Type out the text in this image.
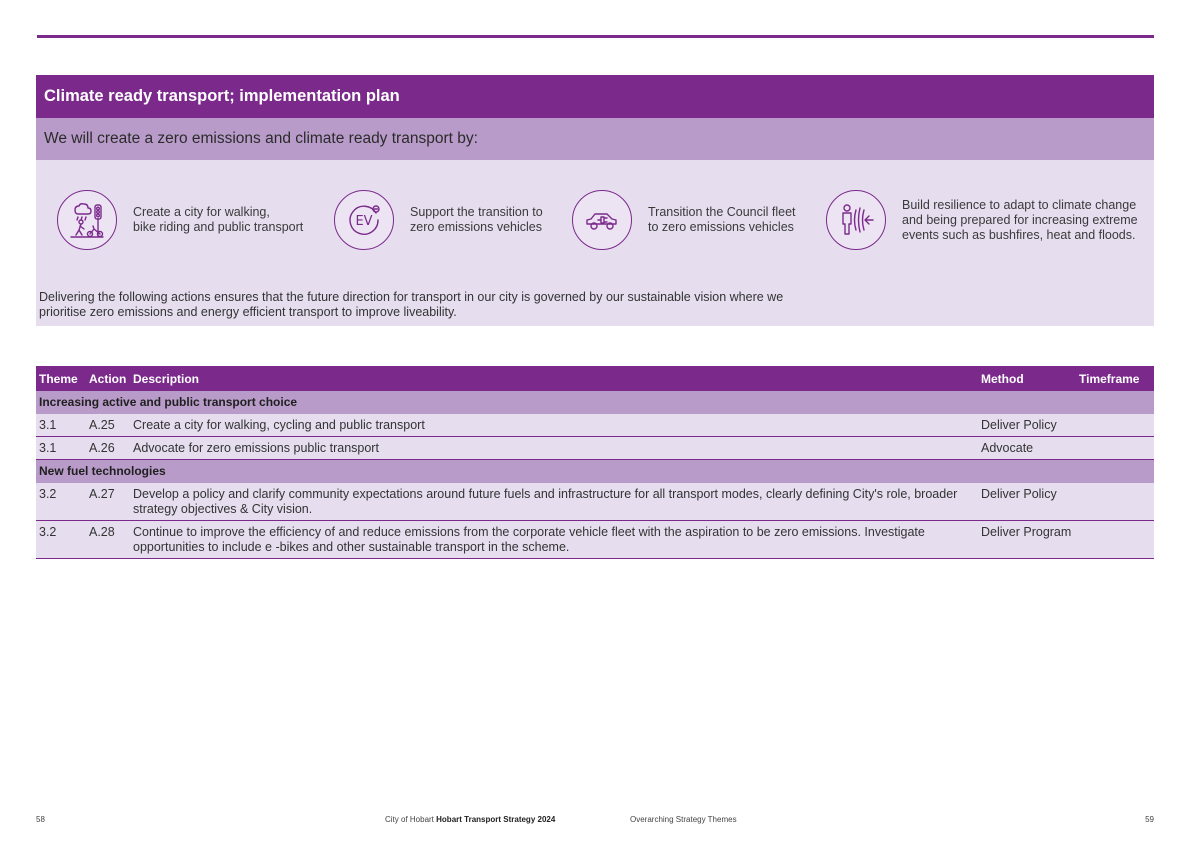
Climate ready transport; implementation plan
We will create a zero emissions and climate ready transport by:
Create a city for walking,
bike riding and public transport	EV
Support the transition to
zero emissions vehicles
Transition the Council fleet
to zero emissions vehicles
Build resilience to adapt to climate change
and being prepared for increasing extreme
events such as bushfires, heat and floods.
Delivering the following actions ensures that the future direction for transport in our city is governed by our sustainable vision where we
prioritise zero emissions and energy efficient transport to improve liveability.
Theme	Action	Description	Method	Timeframe
Increasing active and public transport choice				
3.1	A.25	Create a city for walking, cycling and public transport	Deliver Policy	
3.1	A.26	Advocate for zero emissions public transport	Advocate	
New fuel technologies				
3.2	A.27	Develop a policy and clarify community expectations around future fuels and infrastructure for all transport modes, clearly defining City's role, broader strategy objectives & City vision.	Deliver Policy	
3.2	A.28	Continue to improve the efficiency of and reduce emissions from the corporate vehicle fleet with the aspiration to be zero emissions. Investigate opportunities to include e -bikes and other sustainable transport in the scheme.	Deliver Program	
58	City of Hobart Hobart Transport Strategy 2024	Overarching Strategy Themes	59
